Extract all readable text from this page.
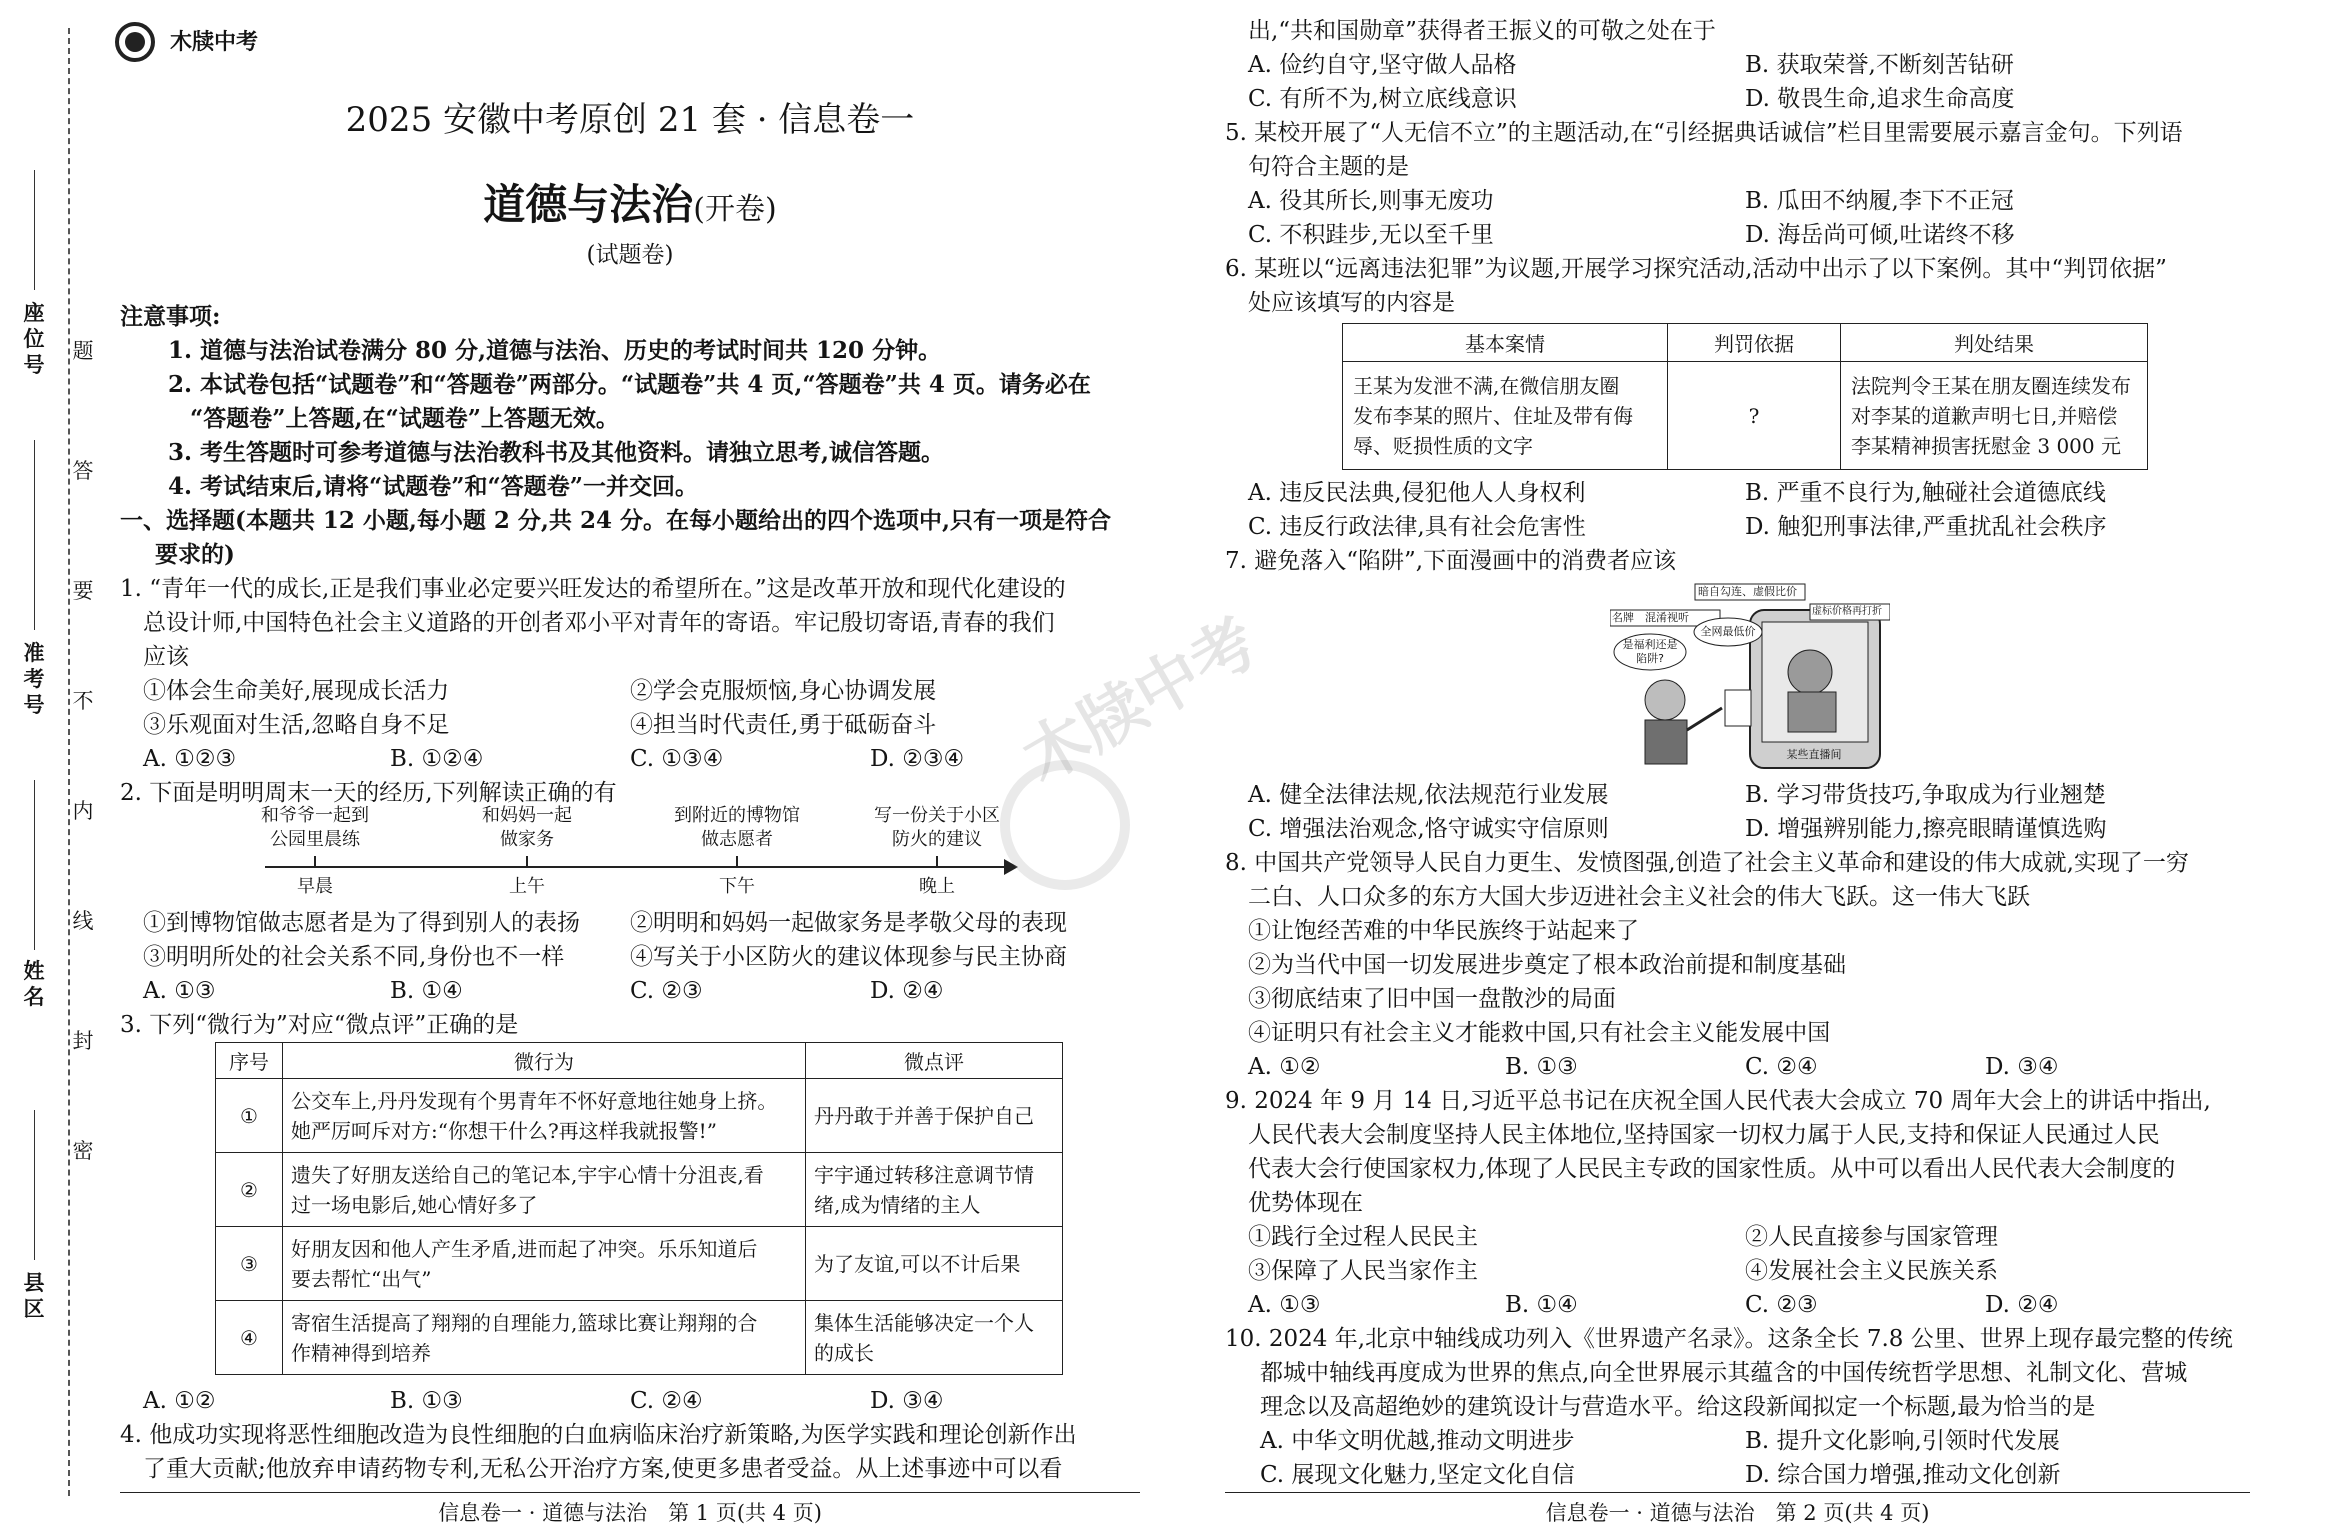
座位号
准考号
姓名
县区
题
答
要
不
内
线
封
密
木牍中考
2025 安徽中考原创 21 套 · 信息卷一
道德与法治(开卷)
(试题卷)
注意事项:
1. 道德与法治试卷满分 80 分,道德与法治、历史的考试时间共 120 分钟。
2. 本试卷包括“试题卷”和“答题卷”两部分。“试题卷”共 4 页,“答题卷”共 4 页。请务必在
“答题卷”上答题,在“试题卷”上答题无效。
3. 考生答题时可参考道德与法治教科书及其他资料。请独立思考,诚信答题。
4. 考试结束后,请将“试题卷”和“答题卷”一并交回。
一、选择题(本题共 12 小题,每小题 2 分,共 24 分。在每小题给出的四个选项中,只有一项是符合
要求的)
1. “青年一代的成长,正是我们事业必定要兴旺发达的希望所在。”这是改革开放和现代化建设的
总设计师,中国特色社会主义道路的开创者邓小平对青年的寄语。牢记殷切寄语,青春的我们
应该
①体会生命美好,展现成长活力	②学会克服烦恼,身心协调发展
③乐观面对生活,忽略自身不足	④担当时代责任,勇于砥砺奋斗
A. ①②③	B. ①②④	C. ①③④	D. ②③④
2. 下面是明明周末一天的经历,下列解读正确的有
和爷爷一起到
公园里晨练
早晨
和妈妈一起
做家务
上午
到附近的博物馆
做志愿者
下午
写一份关于小区
防火的建议
晚上
①到博物馆做志愿者是为了得到别人的表扬 ②明明和妈妈一起做家务是孝敬父母的表现
③明明所处的社会关系不同,身份也不一样	④写关于小区防火的建议体现参与民主协商
A. ①③	B. ①④	C. ②③	D. ②④
3. 下列“微行为”对应“微点评”正确的是
序号	微行为	微点评
①	公交车上,丹丹发现有个男青年不怀好意地往她身上挤。
她严厉呵斥对方:“你想干什么?再这样我就报警!”	丹丹敢于并善于保护自己

②	遗失了好朋友送给自己的笔记本,宇宇心情十分沮丧,看
过一场电影后,她心情好多了	宇宇通过转移注意调节情
绪,成为情绪的主人
③	好朋友因和他人产生矛盾,进而起了冲突。乐乐知道后
要去帮忙“出气”	为了友谊,可以不计后果

④	寄宿生活提高了翔翔的自理能力,篮球比赛让翔翔的合
作精神得到培养	集体生活能够决定一个人
的成长
A. ①②	B. ①③	C. ②④	D. ③④
4. 他成功实现将恶性细胞改造为良性细胞的白血病临床治疗新策略,为医学实践和理论创新作出
了重大贡献;他放弃申请药物专利,无私公开治疗方案,使更多患者受益。从上述事迹中可以看
信息卷一 · 道德与法治　第 1 页(共 4 页)
出,“共和国勋章”获得者王振义的可敬之处在于
A. 俭约自守,坚守做人品格	B. 获取荣誉,不断刻苦钻研
C. 有所不为,树立底线意识	D. 敬畏生命,追求生命高度
5. 某校开展了“人无信不立”的主题活动,在“引经据典话诚信”栏目里需要展示嘉言金句。下列语
句符合主题的是
A. 役其所长,则事无废功	B. 瓜田不纳履,李下不正冠
C. 不积跬步,无以至千里	D. 海岳尚可倾,吐诺终不移
6. 某班以“远离违法犯罪”为议题,开展学习探究活动,活动中出示了以下案例。其中“判罚依据”
处应该填写的内容是
基本案情	判罚依据	判处结果
王某为发泄不满,在微信朋友圈
发布李某的照片、住址及带有侮
辱、贬损性质的文字	?	法院判令王某在朋友圈连续发布
对李某的道歉声明七日,并赔偿
李某精神损害抚慰金 3 000 元
A. 违反民法典,侵犯他人人身权利	B. 严重不良行为,触碰社会道德底线
C. 违反行政法律,具有社会危害性	D. 触犯刑事法律,严重扰乱社会秩序
7. 避免落入“陷阱”,下面漫画中的消费者应该
名牌　 混淆视听
暗自勾连、虚假比价
虚标价格再打折
是福利还是陷阱?
全网最低价
某些直播间
A. 健全法律法规,依法规范行业发展	B. 学习带货技巧,争取成为行业翘楚
C. 增强法治观念,恪守诚实守信原则	D. 增强辨别能力,擦亮眼睛谨慎选购
8. 中国共产党领导人民自力更生、发愤图强,创造了社会主义革命和建设的伟大成就,实现了一穷
二白、人口众多的东方大国大步迈进社会主义社会的伟大飞跃。这一伟大飞跃
①让饱经苦难的中华民族终于站起来了
②为当代中国一切发展进步奠定了根本政治前提和制度基础
③彻底结束了旧中国一盘散沙的局面
④证明只有社会主义才能救中国,只有社会主义能发展中国
A. ①②	B. ①③	C. ②④	D. ③④
9. 2024 年 9 月 14 日,习近平总书记在庆祝全国人民代表大会成立 70 周年大会上的讲话中指出,
人民代表大会制度坚持人民主体地位,坚持国家一切权力属于人民,支持和保证人民通过人民
代表大会行使国家权力,体现了人民民主专政的国家性质。从中可以看出人民代表大会制度的
优势体现在
①践行全过程人民民主	②人民直接参与国家管理
③保障了人民当家作主	④发展社会主义民族关系
A. ①③	B. ①④	C. ②③	D. ②④
10. 2024 年,北京中轴线成功列入《世界遗产名录》。这条全长 7.8 公里、世界上现存最完整的传统
都城中轴线再度成为世界的焦点,向全世界展示其蕴含的中国传统哲学思想、礼制文化、营城
理念以及高超绝妙的建筑设计与营造水平。给这段新闻拟定一个标题,最为恰当的是
A. 中华文明优越,推动文明进步	B. 提升文化影响,引领时代发展
C. 展现文化魅力,坚定文化自信	D. 综合国力增强,推动文化创新
信息卷一 · 道德与法治　第 2 页(共 4 页)
木牍中考
